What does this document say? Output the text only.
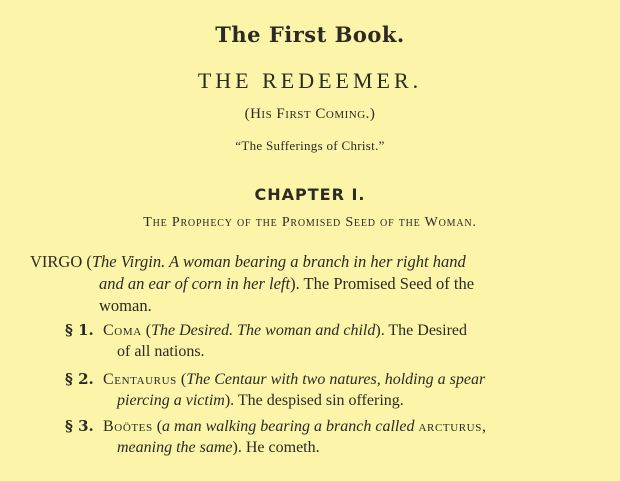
The First Book.
THE REDEEMER.
(His First Coming.)
“The Sufferings of Christ.”
CHAPTER I.
The Prophecy of the Promised Seed of the Woman.
VIRGO (The Virgin. A woman bearing a branch in her right hand
and an ear of corn in her left). The Promised Seed of the
woman.
§ 1. Coma (The Desired. The woman and child). The Desired
of all nations.
§ 2. Centaurus (The Centaur with two natures, holding a spear
piercing a victim). The despised sin offering.
§ 3. Boötes (a man walking bearing a branch called arcturus,
meaning the same). He cometh.
